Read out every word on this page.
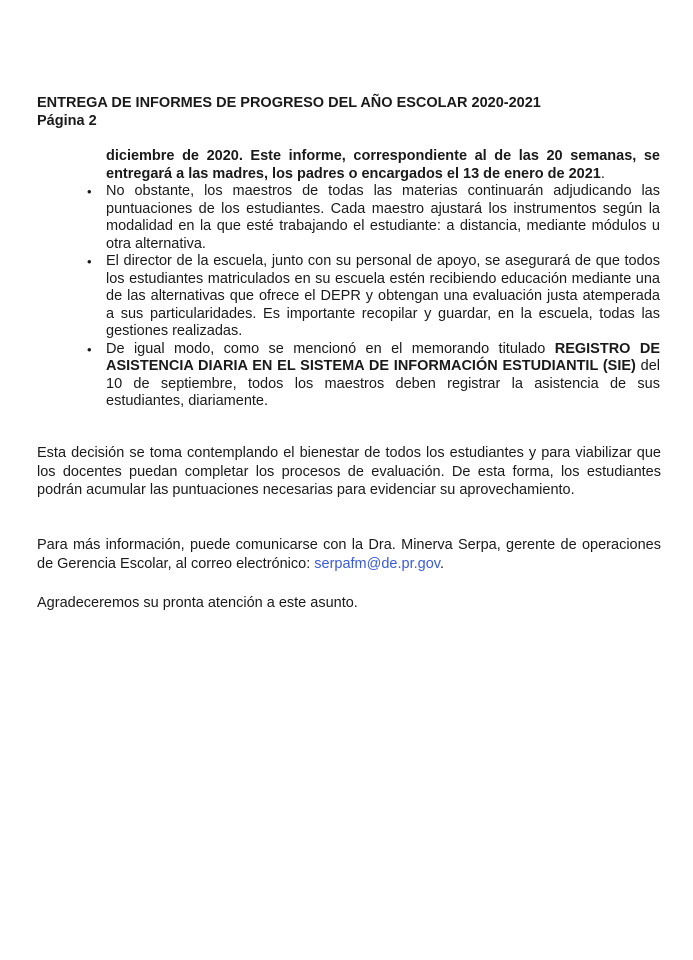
ENTREGA DE INFORMES DE PROGRESO DEL AÑO ESCOLAR 2020-2021
Página 2

diciembre de 2020. Este informe, correspondiente al de las 20 semanas, se entregará a las madres, los padres o encargados el 13 de enero de 2021.

• No obstante, los maestros de todas las materias continuarán adjudicando las puntuaciones de los estudiantes. Cada maestro ajustará los instrumentos según la modalidad en la que esté trabajando el estudiante: a distancia, mediante módulos u otra alternativa.
• El director de la escuela, junto con su personal de apoyo, se asegurará de que todos los estudiantes matriculados en su escuela estén recibiendo educación mediante una de las alternativas que ofrece el DEPR y obtengan una evaluación justa atemperada a sus particularidades. Es importante recopilar y guardar, en la escuela, todas las gestiones realizadas.
• De igual modo, como se mencionó en el memorando titulado REGISTRO DE ASISTENCIA DIARIA EN EL SISTEMA DE INFORMACIÓN ESTUDIANTIL (SIE) del 10 de septiembre, todos los maestros deben registrar la asistencia de sus estudiantes, diariamente.

Esta decisión se toma contemplando el bienestar de todos los estudiantes y para viabilizar que los docentes puedan completar los procesos de evaluación. De esta forma, los estudiantes podrán acumular las puntuaciones necesarias para evidenciar su aprovechamiento.

Para más información, puede comunicarse con la Dra. Minerva Serpa, gerente de operaciones de Gerencia Escolar, al correo electrónico: serpafm@de.pr.gov.

Agradeceremos su pronta atención a este asunto.
